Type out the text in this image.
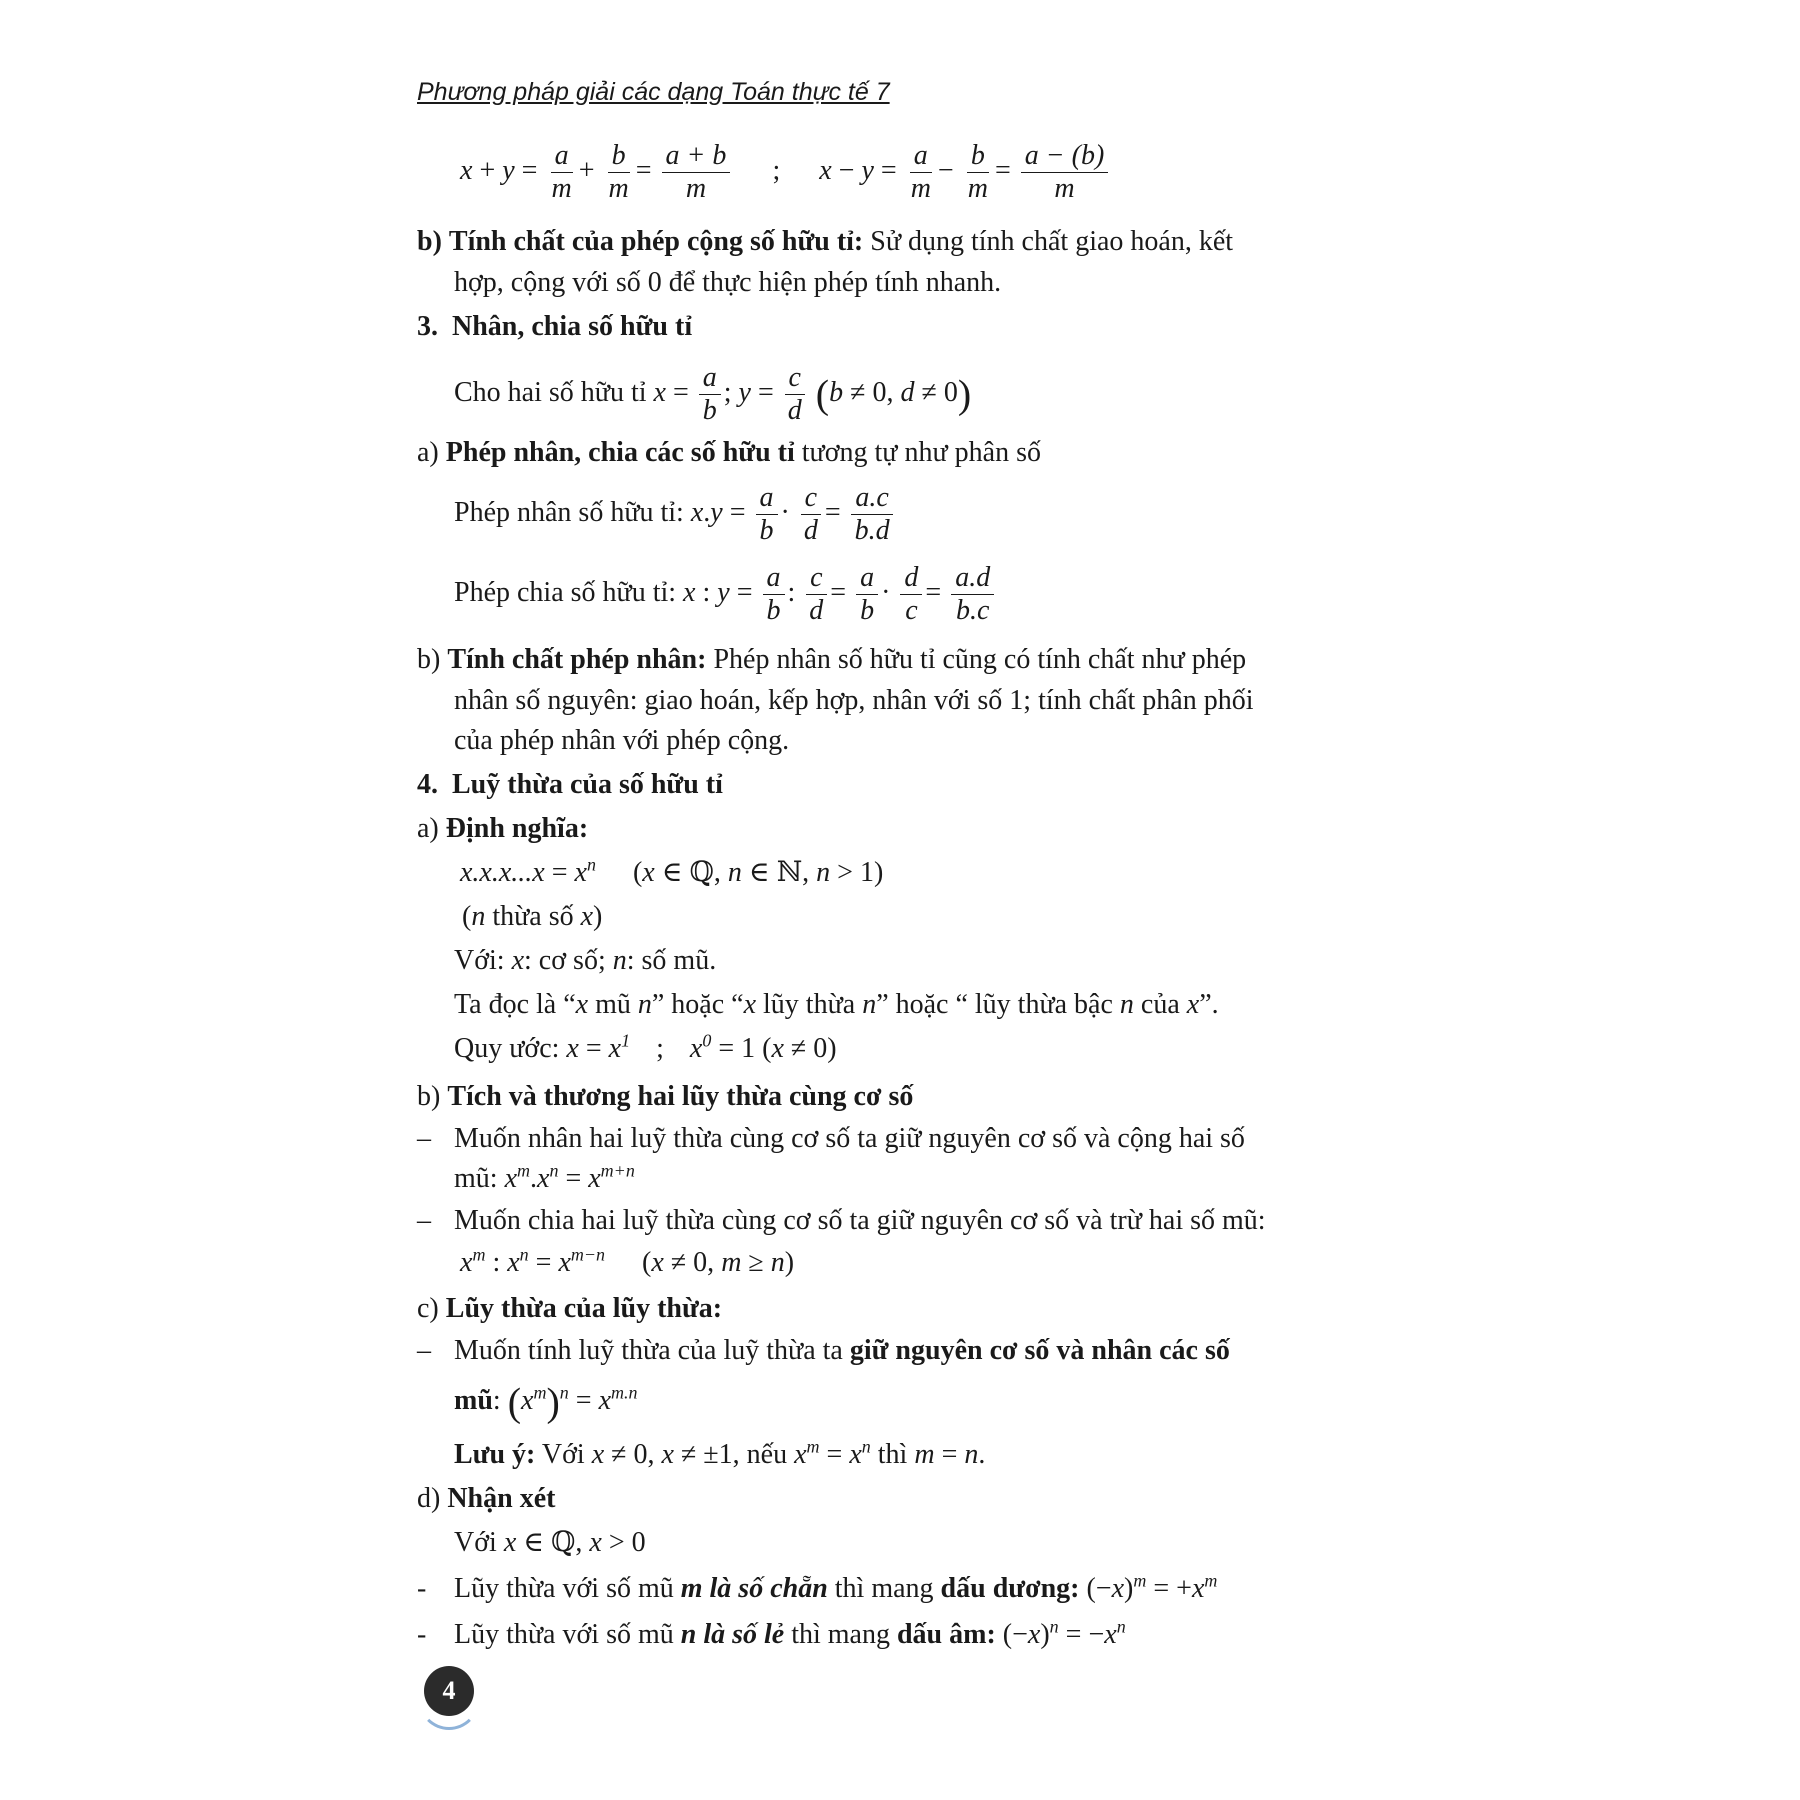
Phương pháp giải các dạng Toán thực tế 7
$x + y = \frac{a}{m} + \frac{b}{m} = \frac{a + b}{m}$ ; $x - y = \frac{a}{m} - \frac{b}{m} = \frac{a - (b)}{m}$
b) Tính chất của phép cộng số hữu tỉ: Sử dụng tính chất giao hoán, kết
hợp, cộng với số 0 để thực hiện phép tính nhanh.
3. Nhân, chia số hữu tỉ
Cho hai số hữu tỉ $x = \frac{a}{b}$ ; $y = \frac{c}{d} (b \ne 0$, d ≠ 0)
a) Phép nhân, chia các số hữu tỉ tương tự như phân số
Phép nhân số hữu tỉ: $x.y = \frac{a}{b} \cdot \frac{c}{d} = \frac{a.c}{b.d}$
Phép chia số hữu tỉ: x : $y = \frac{a}{b}$ : $\frac{c}{d} = \frac{a}{b} \cdot \frac{d}{c} = \frac{a.d}{b.c}$
b) Tính chất phép nhân: Phép nhân số hữu tỉ cũng có tính chất như phép
nhân số nguyên: giao hoán, kếp hợp, nhân với số 1; tính chất phân phối
của phép nhân với phép cộng.
4. Luỹ thừa của số hữu tỉ
a) Định nghĩa:
$x.x.x...x = x^n$ (x ∈ ℚ, n ∈ ℕ, n > 1)
(n thừa số x)
Với: x: cơ số; n: số mũ.
Ta đọc là “x mũ n” hoặc “x lũy thừa n” hoặc “ lũy thừa bậc n của x”.
Quy ước: $x = x^1$ ; $x^0 = 1$ (x ≠ 0)
b) Tích và thương hai lũy thừa cùng cơ số
– Muốn nhân hai luỹ thừa cùng cơ số ta giữ nguyên cơ số và cộng hai số
mũ: $x^m.x^n = x^{m+n}$
– Muốn chia hai luỹ thừa cùng cơ số ta giữ nguyên cơ số và trừ hai số mũ:
$x^m$ : $x^n = x^{m-n}$ (x ≠ 0, m ≥ n)
c) Lũy thừa của lũy thừa:
– Muốn tính luỹ thừa của luỹ thừa ta giữ nguyên cơ số và nhân các số
mũ: $(x^m)^n = x^{m.n}$
Lưu ý: Với x ≠ 0, x ≠ ±1, nếu $x^m = x^n$ thì m = n.
d) Nhận xét
Với x ∈ ℚ, x > 0
- Lũy thừa với số mũ m là số chẵn thì mang dấu dương: $(-x)^m = +x^m$
- Lũy thừa với số mũ n là số lẻ thì mang dấu âm: $(-x)^n = -x^n$
4
